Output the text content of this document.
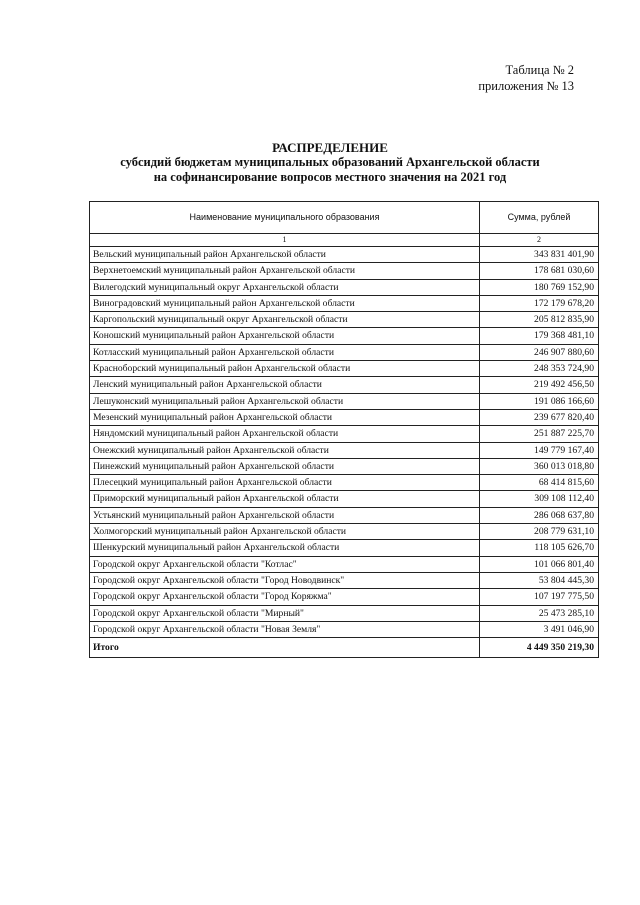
Таблица № 2
приложения № 13
РАСПРЕДЕЛЕНИЕ
субсидий бюджетам муниципальных образований Архангельской области
на софинансирование вопросов местного значения на 2021 год
Наименование муниципального образования	Сумма, рублей
1	2
Вельский муниципальный район Архангельской области	343 831 401,90
Верхнетоемский муниципальный район Архангельской области	178 681 030,60
Вилегодский муниципальный округ Архангельской области	180 769 152,90
Виноградовский муниципальный район Архангельской области	172 179 678,20
Каргопольский муниципальный округ Архангельской области	205 812 835,90
Коношский муниципальный район Архангельской области	179 368 481,10
Котласский муниципальный район Архангельской области	246 907 880,60
Красноборский муниципальный район Архангельской области	248 353 724,90
Ленский муниципальный район Архангельской области	219 492 456,50
Лешуконский муниципальный район Архангельской области	191 086 166,60
Мезенский муниципальный район Архангельской области	239 677 820,40
Няндомский муниципальный район Архангельской области	251 887 225,70
Онежский муниципальный район Архангельской области	149 779 167,40
Пинежский муниципальный район Архангельской области	360 013 018,80
Плесецкий муниципальный район Архангельской области	68 414 815,60
Приморский муниципальный район Архангельской области	309 108 112,40
Устьянский муниципальный район Архангельской области	286 068 637,80
Холмогорский муниципальный район Архангельской области	208 779 631,10
Шенкурский муниципальный район Архангельской области	118 105 626,70
Городской округ Архангельской области "Котлас"	101 066 801,40
Городской округ Архангельской области "Город Новодвинск"	53 804 445,30
Городской округ Архангельской области "Город Коряжма"	107 197 775,50
Городской округ Архангельской области "Мирный"	25 473 285,10
Городской округ Архангельской области "Новая Земля"	3 491 046,90
Итого	4 449 350 219,30
